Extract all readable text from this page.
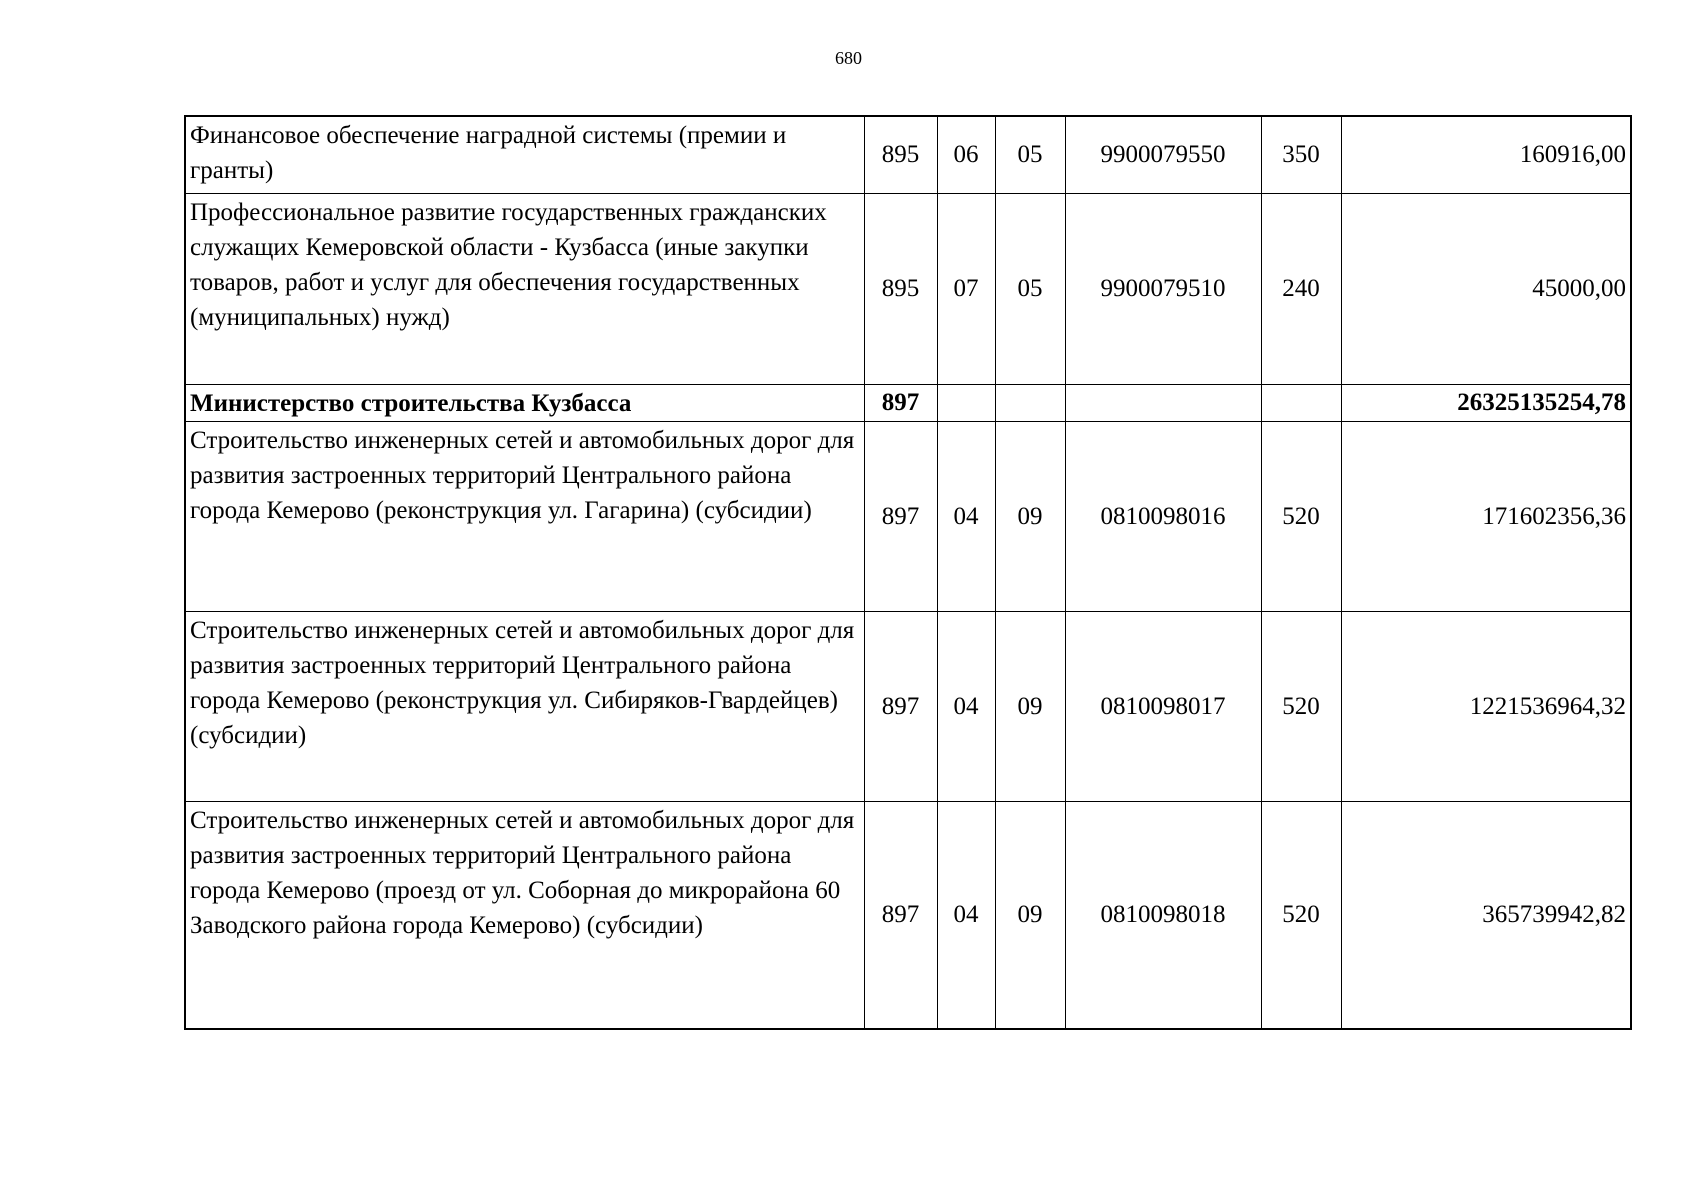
680
Финансовое обеспечение наградной системы (премии и гранты)	895	06	05	9900079550	350	160916,00
Профессиональное развитие государственных гражданских служащих Кемеровской области - Кузбасса (иные закупки товаров, работ и услуг для обеспечения государственных (муниципальных) нужд)	895	07	05	9900079510	240	45000,00
Министерство строительства Кузбасса	897					26325135254,78
Строительство инженерных сетей и автомобильных дорог для развития застроенных территорий Центрального района города Кемерово (реконструкция ул. Гагарина) (субсидии)	897	04	09	0810098016	520	171602356,36
Строительство инженерных сетей и автомобильных дорог для развития застроенных территорий Центрального района города Кемерово (реконструкция ул. Сибиряков-Гвардейцев) (субсидии)	897	04	09	0810098017	520	1221536964,32
Строительство инженерных сетей и автомобильных дорог для развития застроенных территорий Центрального района города Кемерово (проезд от ул. Соборная до микрорайона 60 Заводского района города Кемерово) (субсидии)	897	04	09	0810098018	520	365739942,82
